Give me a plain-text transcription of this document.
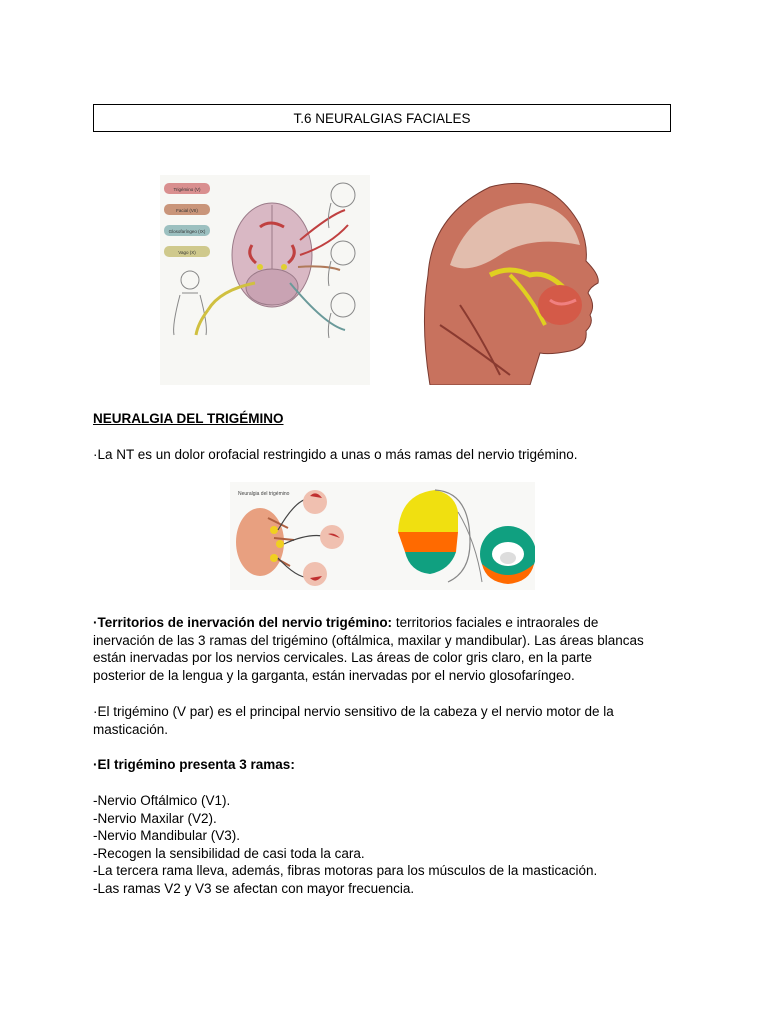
T.6 NEURALGIAS FACIALES
Trigémino (V)
Facial (VII)
Glosofaríngeo (IX)
Vago (X)
NEURALGIA DEL TRIGÉMINO
·La NT es un dolor orofacial restringido a unas o más ramas del nervio trigémino.
Neuralgia del trigémino
·Territorios de inervación del nervio trigémino: territorios faciales e intraorales de
inervación de las 3 ramas del trigémino (oftálmica, maxilar y mandibular). Las áreas blancas
están inervadas por los nervios cervicales. Las áreas de color gris claro, en la parte
posterior de la lengua y la garganta, están inervadas por el nervio glosofaríngeo.
·El trigémino (V par) es el principal nervio sensitivo de la cabeza y el nervio motor de la
masticación.
·El trigémino presenta 3 ramas:
-Nervio Oftálmico (V1).
-Nervio Maxilar (V2).
-Nervio Mandibular (V3).
-Recogen la sensibilidad de casi toda la cara.
-La tercera rama lleva, además, fibras motoras para los músculos de la masticación.
-Las ramas V2 y V3 se afectan con mayor frecuencia.
